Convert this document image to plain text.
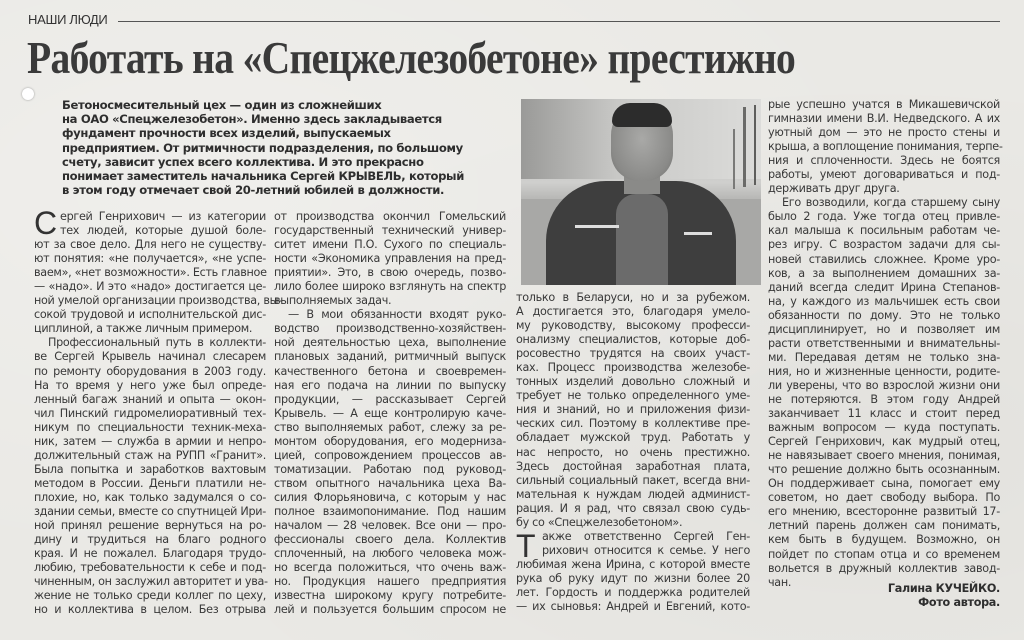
НАШИ ЛЮДИ
Работать на «Спецжелезобетоне» престижно
Бетоносмесительный цех — один из сложнейших
на ОАО «Спецжелезобетон». Именно здесь закладывается
фундамент прочности всех изделий, выпускаемых
предприятием. От ритмичности подразделения, по большому
счету, зависит успех всего коллектива. И это прекрасно
понимает заместитель начальника Сергей КРЫВЕЛЬ, который
в этом году отмечает свой 20-летний юбилей в должности.
С ергей Генрихович — из категории
тех людей, которые душой боле-
ют за свое дело. Для него не существу-
ют понятия: «не получается», «не успе-
ваем», «нет возможности». Есть главное
— «надо». И это «надо» достигается це-
ной умелой организации производства, вы-
сокой трудовой и исполнительской дис-
циплиной, а также личным примером.
Профессиональный путь в коллекти-
ве Сергей Крывель начинал слесарем
по ремонту оборудования в 2003 году.
На то время у него уже был опреде-
ленный багаж знаний и опыта — окон-
чил Пинский гидромелиоративный тех-
никум по специальности техник-меха-
ник, затем — служба в армии и непро-
должительный стаж на РУПП «Гранит».
Была попытка и заработков вахтовым
методом в России. Деньги платили не-
плохие, но, как только задумался о со-
здании семьи, вместе со спутницей Ири-
ной принял решение вернуться на ро-
дину и трудиться на благо родного
края. И не пожалел. Благодаря трудо-
любию, требовательности к себе и под-
чиненным, он заслужил авторитет и ува-
жение не только среди коллег по цеху,
но и коллектива в целом. Без отрыва
от производства окончил Гомельский
государственный технический универ-
ситет имени П.О. Сухого по специаль-
ности «Экономика управления на пред-
приятии». Это, в свою очередь, позво-
лило более широко взглянуть на спектр
выполняемых задач.
— В мои обязанности входят руко-
водство производственно-хозяйствен-
ной деятельностью цеха, выполнение
плановых заданий, ритмичный выпуск
качественного бетона и своевремен-
ная его подача на линии по выпуску
продукции, — рассказывает Сергей
Крывель. — А еще контролирую каче-
ство выполняемых работ, слежу за ре-
монтом оборудования, его модерниза-
цией, сопровождением процессов ав-
томатизации. Работаю под руковод-
ством опытного начальника цеха Ва-
силия Флорьяновича, с которым у нас
полное взаимопонимание. Под нашим
началом — 28 человек. Все они — про-
фессионалы своего дела. Коллектив
сплоченный, на любого человека мож-
но всегда положиться, что очень важ-
но. Продукция нашего предприятия
известна широкому кругу потребите-
лей и пользуется большим спросом не
только в Беларуси, но и за рубежом.
А достигается это, благодаря умело-
му руководству, высокому професси-
онализму специалистов, которые доб-
росовестно трудятся на своих участ-
ках. Процесс производства железобе-
тонных изделий довольно сложный и
требует не только определенного уме-
ния и знаний, но и приложения физи-
ческих сил. Поэтому в коллективе пре-
обладает мужской труд. Работать у
нас непросто, но очень престижно.
Здесь достойная заработная плата,
сильный социальный пакет, всегда вни-
мательная к нуждам людей админист-
рация. И я рад, что связал свою судь-
бу со «Спецжелезобетоном».
Т акже ответственно Сергей Ген-
рихович относится к семье. У него
любимая жена Ирина, с которой вместе
рука об руку идут по жизни более 20
лет. Гордость и поддержка родителей
— их сыновья: Андрей и Евгений, кото-
рые успешно учатся в Микашевичской
гимназии имени В.И. Недведского. А их
уютный дом — это не просто стены и
крыша, а воплощение понимания, терпе-
ния и сплоченности. Здесь не боятся
работы, умеют договариваться и под-
держивать друг друга.
Его возводили, когда старшему сыну
было 2 года. Уже тогда отец привле-
кал малыша к посильным работам че-
рез игру. С возрастом задачи для сы-
новей ставились сложнее. Кроме уро-
ков, а за выполнением домашних за-
даний всегда следит Ирина Степанов-
на, у каждого из мальчишек есть свои
обязанности по дому. Это не только
дисциплинирует, но и позволяет им
расти ответственными и внимательны-
ми. Передавая детям не только зна-
ния, но и жизненные ценности, родите-
ли уверены, что во взрослой жизни они
не потеряются. В этом году Андрей
заканчивает 11 класс и стоит перед
важным вопросом — куда поступать.
Сергей Генрихович, как мудрый отец,
не навязывает своего мнения, понимая,
что решение должно быть осознанным.
Он поддерживает сына, помогает ему
советом, но дает свободу выбора. По
его мнению, всесторонне развитый 17-
летний парень должен сам понимать,
кем быть в будущем. Возможно, он
пойдет по стопам отца и со временем
вольется в дружный коллектив завод-
чан.	Галина КУЧЕЙКО.
Фото автора.
